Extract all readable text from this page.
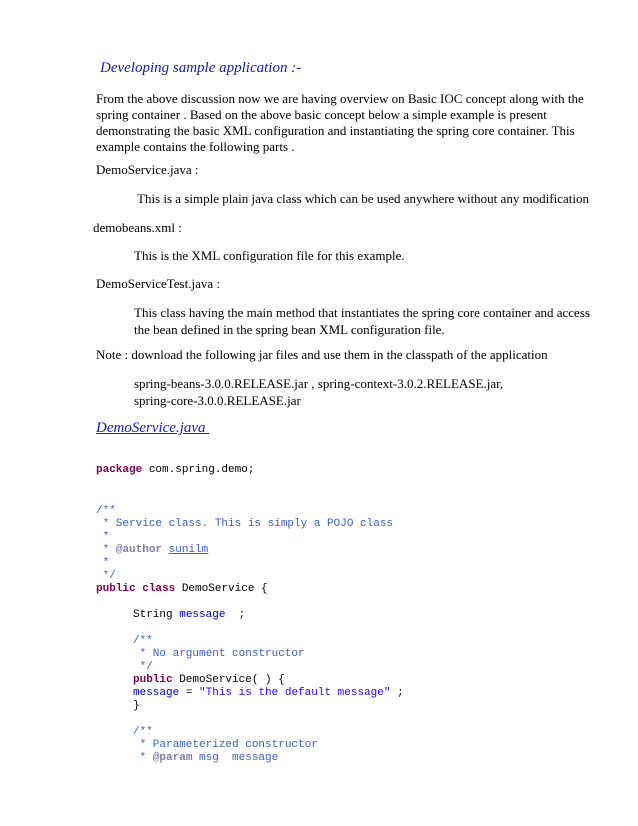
Developing sample application :-
From the above discussion now we are having overview on Basic IOC concept along with the
spring container . Based on the above basic concept below a simple example is present
demonstrating the basic XML configuration and instantiating the spring core container. This
example contains the following parts .
DemoService.java :
This is a simple plain java class which can be used anywhere without any modification
demobeans.xml :
This is the XML configuration file for this example.
DemoServiceTest.java :
This class having the main method that instantiates the spring core container and access
the bean defined in the spring bean XML configuration file.
Note : download the following jar files and use them in the classpath of the application
spring-beans-3.0.0.RELEASE.jar , spring-context-3.0.2.RELEASE.jar,
spring-core-3.0.0.RELEASE.jar
DemoService.java
package com.spring.demo;
/**
* Service class. This is simply a POJO class
*
* @author sunilm
*
*/
public class DemoService {
String message  ;
/**
* No argument constructor
*/
public DemoService( ) {
message = "This is the default message" ;
}
/**
* Parameterized constructor
* @param msg  message
